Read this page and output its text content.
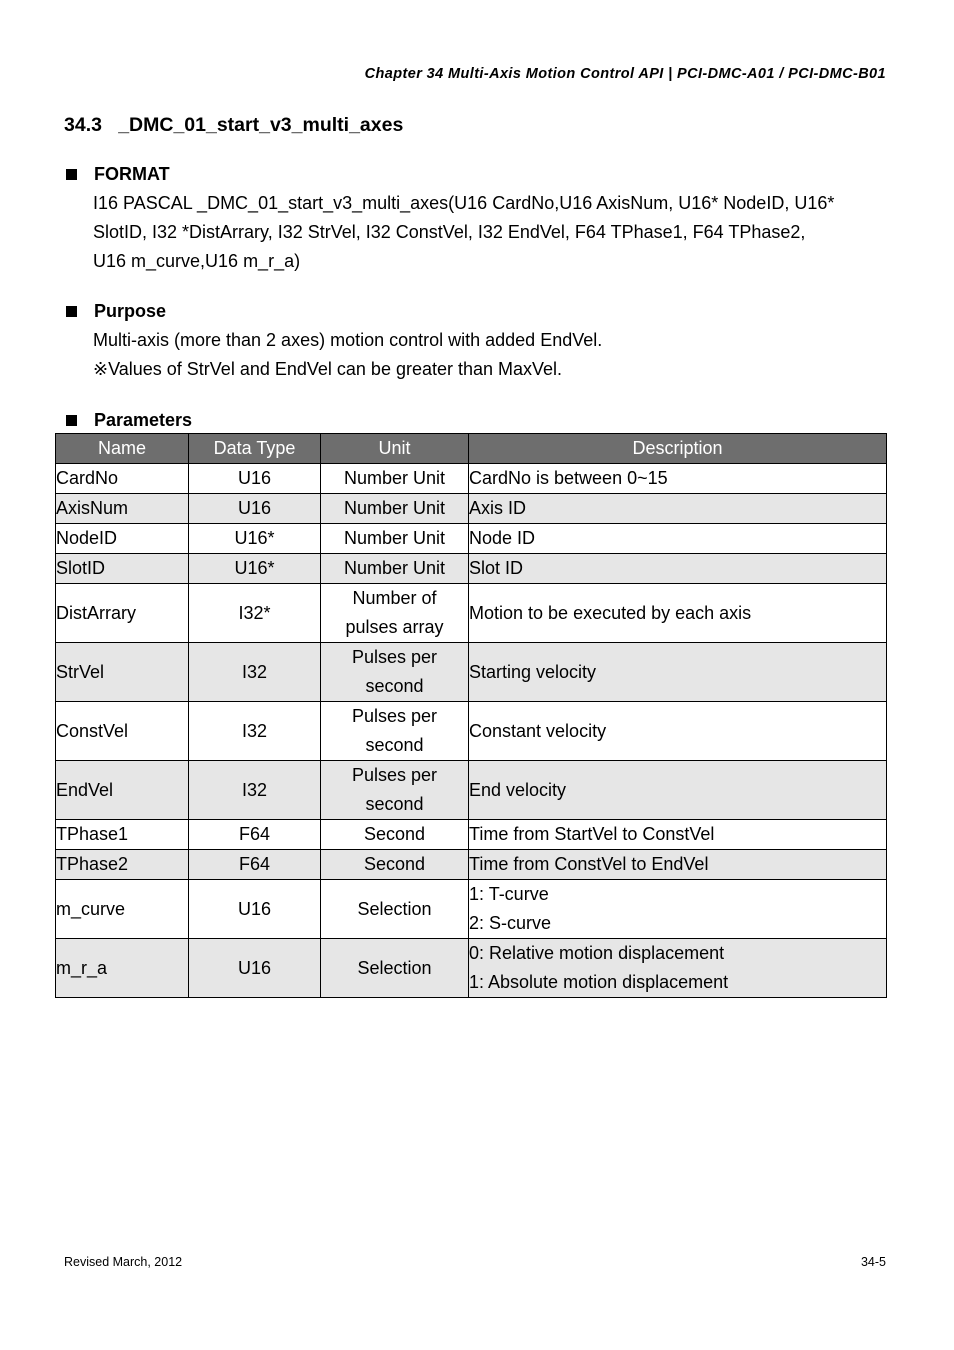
Chapter 34 Multi-Axis Motion Control API | PCI-DMC-A01 / PCI-DMC-B01
34.3   _DMC_01_start_v3_multi_axes
FORMAT
I16 PASCAL _DMC_01_start_v3_multi_axes(U16 CardNo,U16 AxisNum, U16* NodeID, U16*
SlotID, I32 *DistArrary, I32 StrVel, I32 ConstVel, I32 EndVel, F64 TPhase1, F64 TPhase2,
U16 m_curve,U16 m_r_a)
Purpose
Multi-axis (more than 2 axes) motion control with added EndVel.
※Values of StrVel and EndVel can be greater than MaxVel.
Parameters
Name	Data Type	Unit	Description
CardNo	U16	Number Unit	CardNo is between 0~15

AxisNum	U16	Number Unit	Axis ID

NodeID	U16*	Number Unit	Node ID

SlotID	U16*	Number Unit	Slot ID

DistArrary	I32*	Number of
pulses array	Motion to be executed by each axis

StrVel	I32	Pulses per
second	Starting velocity

ConstVel	I32	Pulses per
second	Constant velocity

EndVel	I32	Pulses per
second	End velocity

TPhase1	F64	Second	Time from StartVel to ConstVel

TPhase2	F64	Second	Time from ConstVel to EndVel

m_curve	U16	Selection	1: T-curve
2: S-curve

m_r_a	U16	Selection	0: Relative motion displacement
1: Absolute motion displacement
Revised March, 2012	34-5
